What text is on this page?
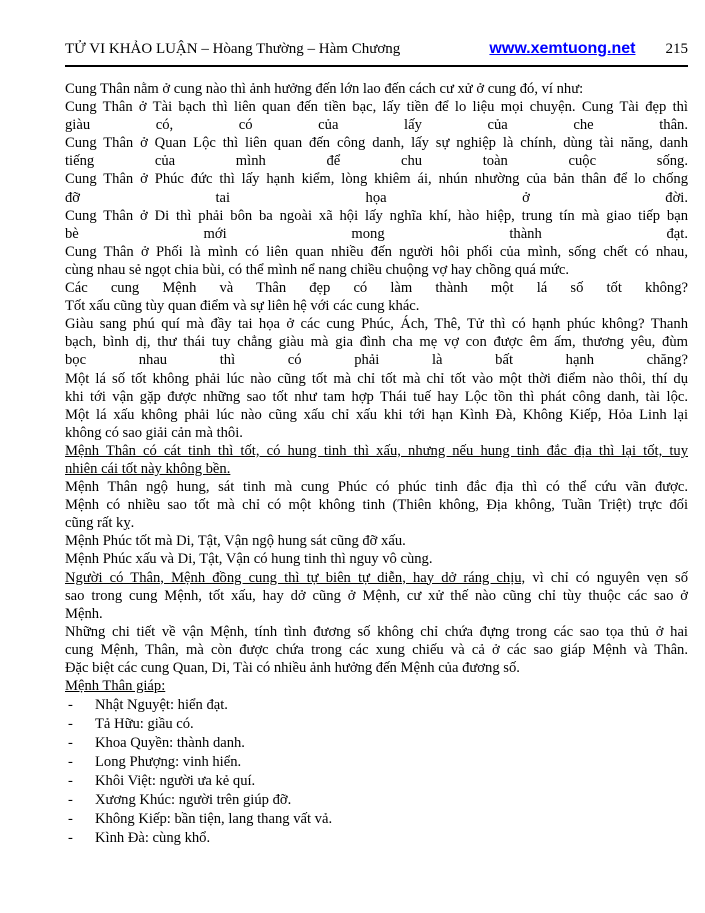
TỬ VI KHẢO LUẬN – Hòang Thường – Hàm Chương	www.xemtuong.net 215
Cung Thân nằm ở cung nào thì ảnh hưởng đến lớn lao đến cách cư xử ở cung đó, ví như:
Cung Thân ở Tài bạch thì liên quan đến tiền bạc, lấy tiền để lo liệu mọi chuyện. Cung Tài đẹp thì
giàu có, có của lấy của che thân.
Cung Thân ở Quan Lộc thì liên quan đến công danh, lấy sự nghiệp là chính, dùng tài năng, danh
tiếng của mình để chu toàn cuộc sống.
Cung Thân ở Phúc đức thì lấy hạnh kiểm, lòng khiêm ái, nhún nhường của bản thân để lo chống
đỡ tai họa ở đời.
Cung Thân ở Di thì phải bôn ba ngoài xã hội lấy nghĩa khí, hào hiệp, trung tín mà giao tiếp bạn
bè mới mong thành đạt.
Cung Thân ở Phối là mình có liên quan nhiều đến người hôi phối của mình, sống chết có nhau,
cùng nhau sẻ ngọt chia bùi, có thể mình nể nang chiều chuộng vợ hay chồng quá mức.
Các cung Mệnh và Thân đẹp có làm thành một lá số tốt không?
Tốt xấu cũng tùy quan điểm và sự liên hệ với các cung khác.
Giàu sang phú quí mà đầy tai họa ở các cung Phúc, Ách, Thê, Tử thì có hạnh phúc không? Thanh
bạch, bình dị, thư thái tuy chẳng giàu mà gia đình cha mẹ vợ con được êm ấm, thương yêu, đùm
bọc nhau thì có phải là bất hạnh chăng?
Một lá số tốt không phải lúc nào cũng tốt mà chỉ tốt mà chỉ tốt vào một thời điểm nào thôi, thí dụ
khi tới vận gặp được những sao tốt như tam hợp Thái tuế hay Lộc tồn thì phát công danh, tài lộc.
Một lá xấu không phải lúc nào cũng xấu chỉ xấu khi tới hạn Kình Đà, Không Kiếp, Hỏa Linh lại
không có sao giải cản mà thôi.
Mệnh Thân có cát tinh thì tốt, có hung tinh thì xấu, nhưng nếu hung tinh đắc địa thì lại tốt, tuy
nhiên cái tốt này không bền.
Mệnh Thân ngộ hung, sát tinh mà cung Phúc có phúc tinh đắc địa thì có thể cứu vãn được.
Mệnh có nhiều sao tốt mà chỉ có một không tinh (Thiên không, Địa không, Tuần Triệt) trực đối
cũng rất kỵ.
Mệnh Phúc tốt mà Di, Tật, Vận ngộ hung sát cũng đỡ xấu.
Mệnh Phúc xấu và Di, Tật, Vận có hung tinh thì nguy vô cùng.
Người có Thân, Mệnh đồng cung thì tự biên tự diễn, hay dở ráng chịu, vì chỉ có nguyên vẹn số
sao trong cung Mệnh, tốt xấu, hay dở cũng ở Mệnh, cư xử thế nào cũng chỉ tùy thuộc các sao ở
Mệnh.
Những chi tiết về vận Mệnh, tính tình đương số không chỉ chứa đựng trong các sao tọa thủ ở hai
cung Mệnh, Thân, mà còn được chứa trong các xung chiếu và cả ở các sao giáp Mệnh và Thân.
Đặc biệt các cung Quan, Di, Tài có nhiều ảnh hưởng đến Mệnh của đương số.
Mệnh Thân giáp:
-	Nhật Nguyệt: hiển đạt.
-	Tả Hữu: giầu có.
-	Khoa Quyền: thành danh.
-	Long Phượng: vinh hiển.
-	Khôi Việt: người ưa kẻ quí.
-	Xương Khúc: người trên giúp đỡ.
-	Không Kiếp: bần tiện, lang thang vất vả.
-	Kình Đà: cùng khổ.
